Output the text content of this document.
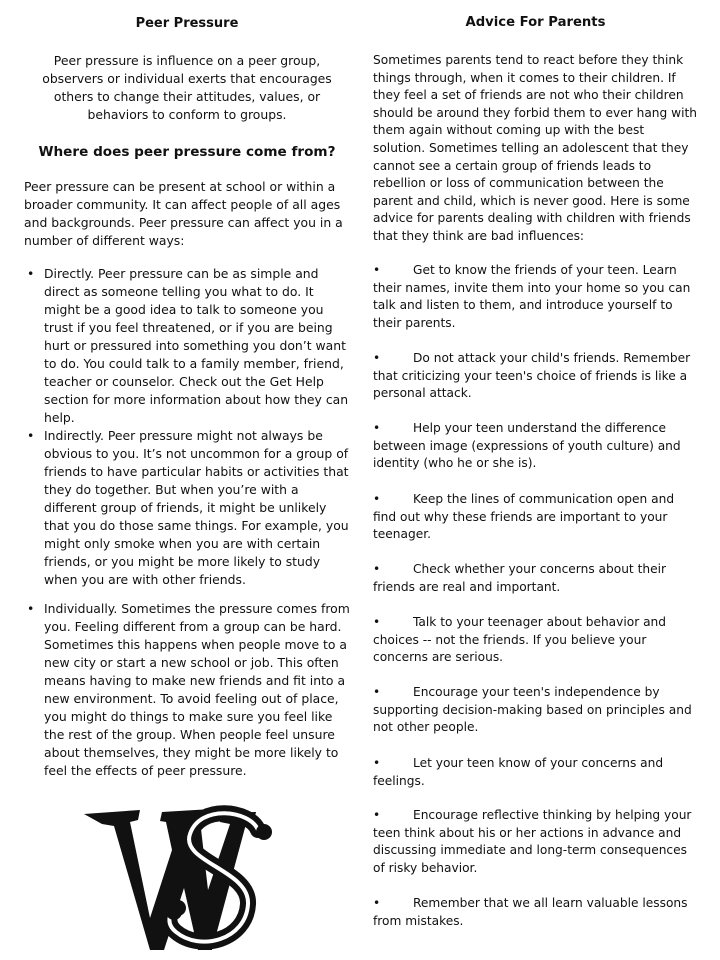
Peer Pressure
Peer pressure is influence on a peer group, observers or individual exerts that encourages others to change their attitudes, values, or behaviors to conform to groups.
Where does peer pressure come from?
Peer pressure can be present at school or within a broader community. It can affect people of all ages and backgrounds. Peer pressure can affect you in a number of different ways:
• Directly. Peer pressure can be as simple and direct as someone telling you what to do. It might be a good idea to talk to someone you trust if you feel threatened, or if you are being hurt or pressured into something you don’t want to do. You could talk to a family member, friend, teacher or counselor. Check out the Get Help section for more information about how they can help.
• Indirectly. Peer pressure might not always be obvious to you. It’s not uncommon for a group of friends to have particular habits or activities that they do together. But when you’re with a different group of friends, it might be unlikely that you do those same things. For example, you might only smoke when you are with certain friends, or you might be more likely to study when you are with other friends.
• Individually. Sometimes the pressure comes from you. Feeling different from a group can be hard. Sometimes this happens when people move to a new city or start a new school or job. This often means having to make new friends and fit into a new environment. To avoid feeling out of place, you might do things to make sure you feel like the rest of the group. When people feel unsure about themselves, they might be more likely to feel the effects of peer pressure.
Advice For Parents
Sometimes parents tend to react before they think things through, when it comes to their children. If they feel a set of friends are not who their children should be around they forbid them to ever hang with them again without coming up with the best solution. Sometimes telling an adolescent that they cannot see a certain group of friends leads to rebellion or loss of communication between the parent and child, which is never good. Here is some advice for parents dealing with children with friends that they think are bad influences:
•	Get to know the friends of your teen. Learn their names, invite them into your home so you can talk and listen to them, and introduce yourself to their parents.
•	Do not attack your child's friends. Remember that criticizing your teen's choice of friends is like a personal attack.
•	Help your teen understand the difference between image (expressions of youth culture) and identity (who he or she is).
•	Keep the lines of communication open and find out why these friends are important to your teenager.
•	Check whether your concerns about their friends are real and important.
•	Talk to your teenager about behavior and choices -- not the friends. If you believe your concerns are serious.
•	Encourage your teen's independence by supporting decision-making based on principles and not other people.
•	Let your teen know of your concerns and feelings.
•	Encourage reflective thinking by helping your teen think about his or her actions in advance and discussing immediate and long-term consequences of risky behavior.
•	Remember that we all learn valuable lessons from mistakes.
